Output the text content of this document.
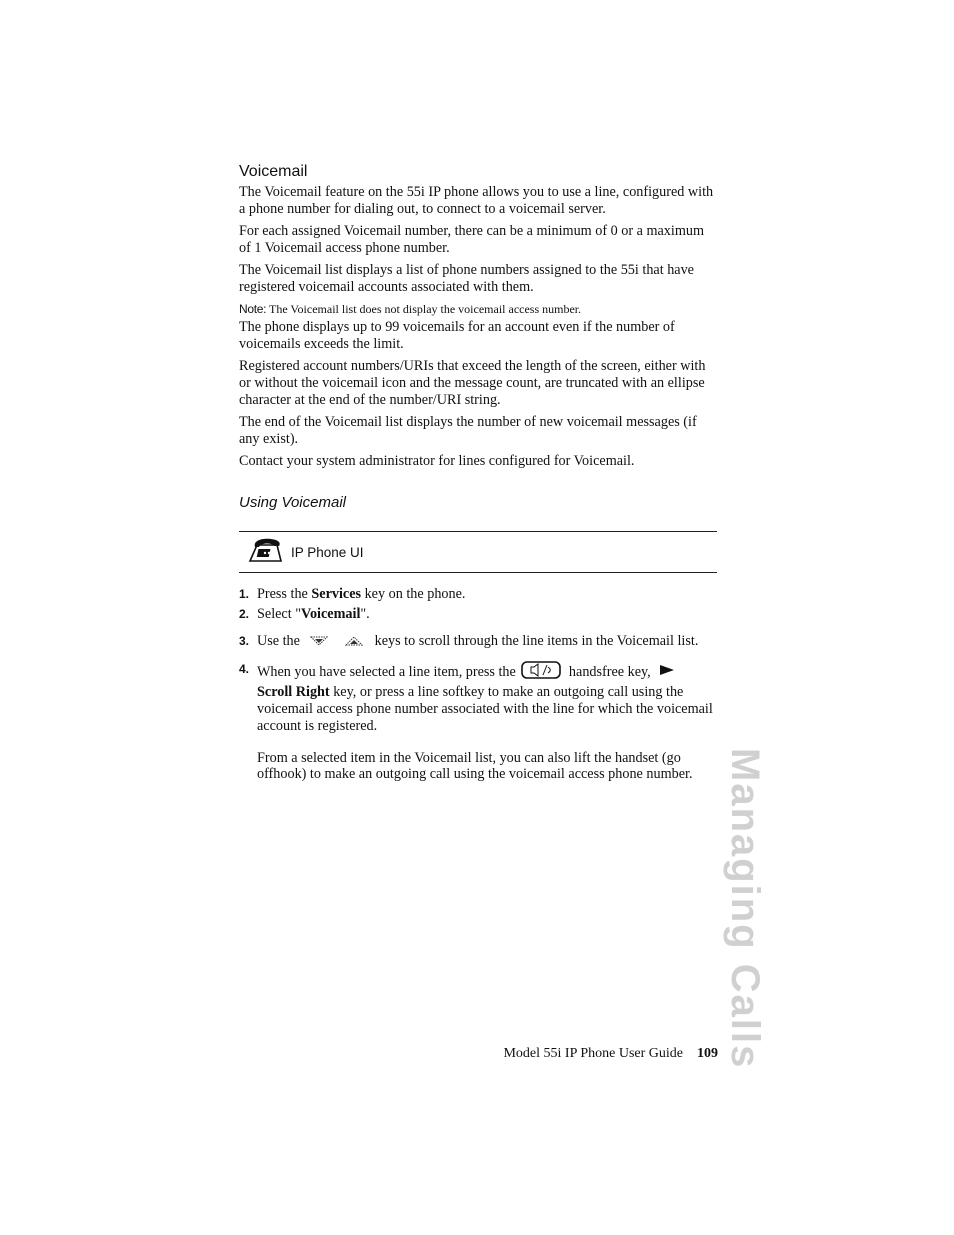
Voicemail

The Voicemail feature on the 55i IP phone allows you to use a line, configured with a phone number for dialing out, to connect to a voicemail server.

For each assigned Voicemail number, there can be a minimum of 0 or a maximum of 1 Voicemail access phone number.

The Voicemail list displays a list of phone numbers assigned to the 55i that have registered voicemail accounts associated with them.

Note: The Voicemail list does not display the voicemail access number.

The phone displays up to 99 voicemails for an account even if the number of voicemails exceeds the limit.

Registered account numbers/URIs that exceed the length of the screen, either with or without the voicemail icon and the message count, are truncated with an ellipse character at the end of the number/URI string.

The end of the Voicemail list displays the number of new voicemail messages (if any exist).

Contact your system administrator for lines configured for Voicemail.

Using Voicemail
IP Phone UI
1. Press the Services key on the phone.

2. Select "Voicemail".

3. Use the	keys to scroll through the line items in the Voicemail list.

4. When you have selected a line item, press the	handsfree key,
Scroll Right key, or press a line softkey to make an outgoing call using the voicemail access phone number associated with the line for which the voicemail account is registered.

From a selected item in the Voicemail list, you can also lift the handset (go offhook) to make an outgoing call using the voicemail access phone number. Managing Calls
Model 55i IP Phone User Guide 109
